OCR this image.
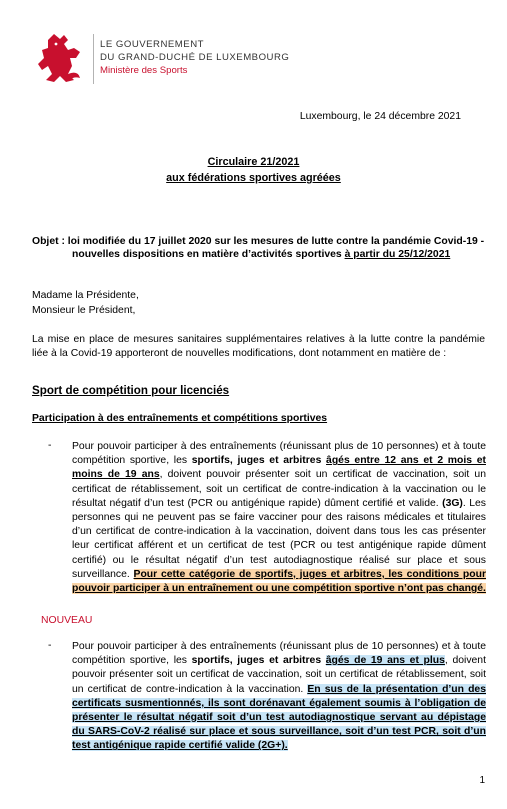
LE GOUVERNEMENT
DU GRAND-DUCHÉ DE LUXEMBOURG
Ministère des Sports
Luxembourg, le 24 décembre 2021
Circulaire 21/2021
aux fédérations sportives agréées
Objet : loi modifiée du 17 juillet 2020 sur les mesures de lutte contre la pandémie Covid-19 -
nouvelles dispositions en matière d’activités sportives à partir du 25/12/2021
Madame la Présidente,
Monsieur le Président,
La mise en place de mesures sanitaires supplémentaires relatives à la lutte contre la pandémie liée à la Covid-19 apporteront de nouvelles modifications, dont notamment en matière de :
Sport de compétition pour licenciés
Participation à des entraînements et compétitions sportives
- Pour pouvoir participer à des entraînements (réunissant plus de 10 personnes) et à toute compétition sportive, les sportifs, juges et arbitres âgés entre 12 ans et 2 mois et moins de 19 ans, doivent pouvoir présenter soit un certificat de vaccination, soit un certificat de rétablissement, soit un certificat de contre-indication à la vaccination ou le résultat négatif d’un test (PCR ou antigénique rapide) dûment certifié et valide. (3G). Les personnes qui ne peuvent pas se faire vacciner pour des raisons médicales et titulaires d’un certificat de contre-indication à la vaccination, doivent dans tous les cas présenter leur certificat afférent et un certificat de test (PCR ou test antigénique rapide dûment certifié) ou le résultat négatif d’un test autodiagnostique réalisé sur place et sous surveillance. Pour cette catégorie de sportifs, juges et arbitres, les conditions pour pouvoir participer à un entraînement ou une compétition sportive n’ont pas changé.
NOUVEAU
- Pour pouvoir participer à des entraînements (réunissant plus de 10 personnes) et à toute compétition sportive, les sportifs, juges et arbitres âgés de 19 ans et plus, doivent pouvoir présenter soit un certificat de vaccination, soit un certificat de rétablissement, soit un certificat de contre-indication à la vaccination. En sus de la présentation d’un des certificats susmentionnés, ils sont dorénavant également soumis à l’obligation de présenter le résultat négatif soit d’un test autodiagnostique servant au dépistage du SARS-CoV-2 réalisé sur place et sous surveillance, soit d’un test PCR, soit d’un test antigénique rapide certifié valide (2G+).
1
